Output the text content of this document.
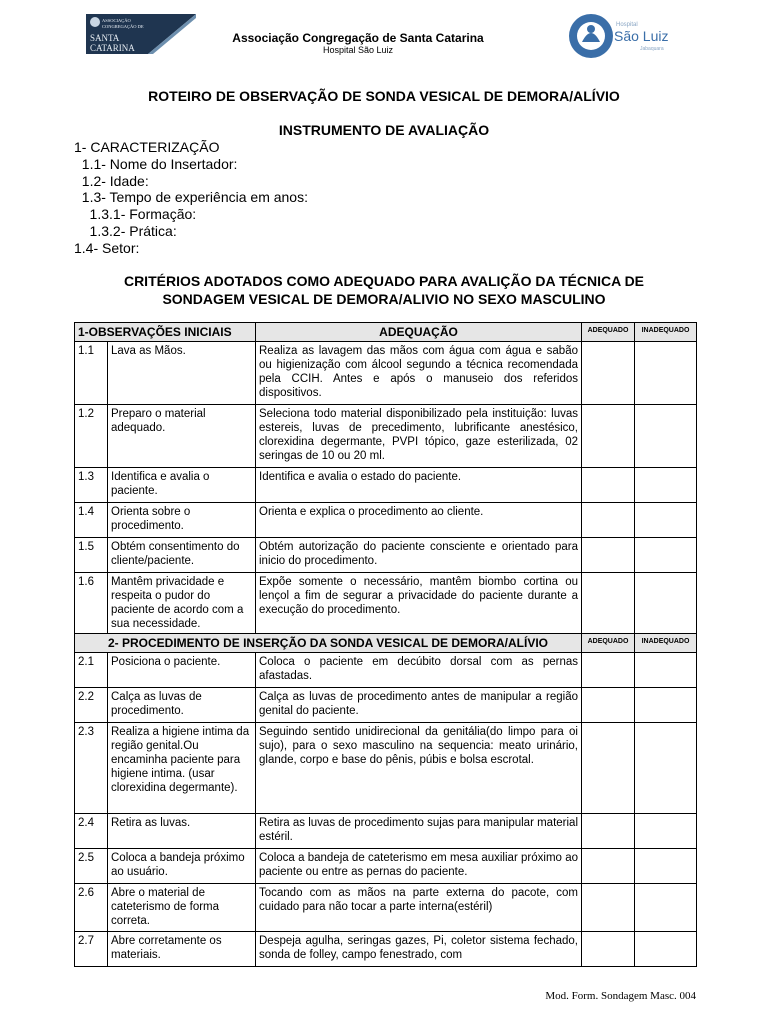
ASSOCIAÇÃO
CONGREGAÇÃO DE
SANTA
CATARINA
Associação Congregação de Santa Catarina
Hospital São Luiz
Hospital
São Luiz
Jabaquara
ROTEIRO DE OBSERVAÇÃO DE SONDA VESICAL DE DEMORA/ALÍVIO
INSTRUMENTO DE AVALIAÇÃO
1- CARACTERIZAÇÃO
1.1- Nome do Insertador:
1.2- Idade:
1.3- Tempo de experiência em anos:
1.3.1- Formação:
1.3.2- Prática:
1.4- Setor:
CRITÉRIOS ADOTADOS COMO ADEQUADO PARA AVALIÇÃO DA TÉCNICA DE
SONDAGEM VESICAL DE DEMORA/ALIVIO NO SEXO MASCULINO
1-OBSERVAÇÕES INICIAIS		ADEQUAÇÃO	ADEQUADO	INADEQUADO
1.1	Lava as Mãos.	Realiza as lavagem das mãos com água com água e sabão ou higienização com álcool segundo a técnica recomendada pela CCIH. Antes e após o manuseio dos referidos dispositivos.		
1.2	Preparo o material adequado.	Seleciona todo material disponibilizado pela instituição: luvas estereis, luvas de precedimento, lubrificante anestésico, clorexidina degermante, PVPI tópico, gaze esterilizada, 02 seringas de 10 ou 20 ml.		
1.3	Identifica e avalia o paciente.	Identifica e avalia o estado do paciente.		
1.4	Orienta sobre o procedimento.	Orienta e explica o procedimento ao cliente.		
1.5	Obtém consentimento do cliente/paciente.	Obtém autorização do paciente consciente e orientado para inicio do procedimento.		
1.6	Mantêm privacidade e respeita o pudor do paciente de acordo com a sua necessidade.	Expõe somente o necessário, mantêm biombo cortina ou lençol a fim de segurar a privacidade do paciente durante a execução do procedimento.		
2- PROCEDIMENTO DE INSERÇÃO DA SONDA VESICAL DE DEMORA/ALÍVIO			ADEQUADO	INADEQUADO
2.1	Posiciona o paciente.	Coloca o paciente em decúbito dorsal com as pernas afastadas.		
2.2	Calça as luvas de procedimento.	Calça as luvas de procedimento antes de manipular a região genital do paciente.		
2.3	Realiza a higiene intima da região genital.Ou encaminha paciente para higiene intima. (usar clorexidina degermante).	Seguindo sentido unidirecional da genitália(do limpo para oi sujo), para o sexo masculino na sequencia: meato urinário, glande, corpo e base do pênis, púbis e bolsa escrotal.		
2.4	Retira as luvas.	Retira as luvas de procedimento sujas para manipular material estéril.		
2.5	Coloca a bandeja próximo ao usuário.	Coloca a bandeja de cateterismo em mesa auxiliar próximo ao paciente ou entre as pernas do paciente.		
2.6	Abre o material de cateterismo de forma correta.	Tocando com as mãos na parte externa do pacote, com cuidado para não tocar a parte interna(estéril)		
2.7	Abre corretamente os materiais.	Despeja agulha, seringas gazes, Pi, coletor sistema fechado, sonda de folley, campo fenestrado, com		
Mod. Form. Sondagem Masc. 004
